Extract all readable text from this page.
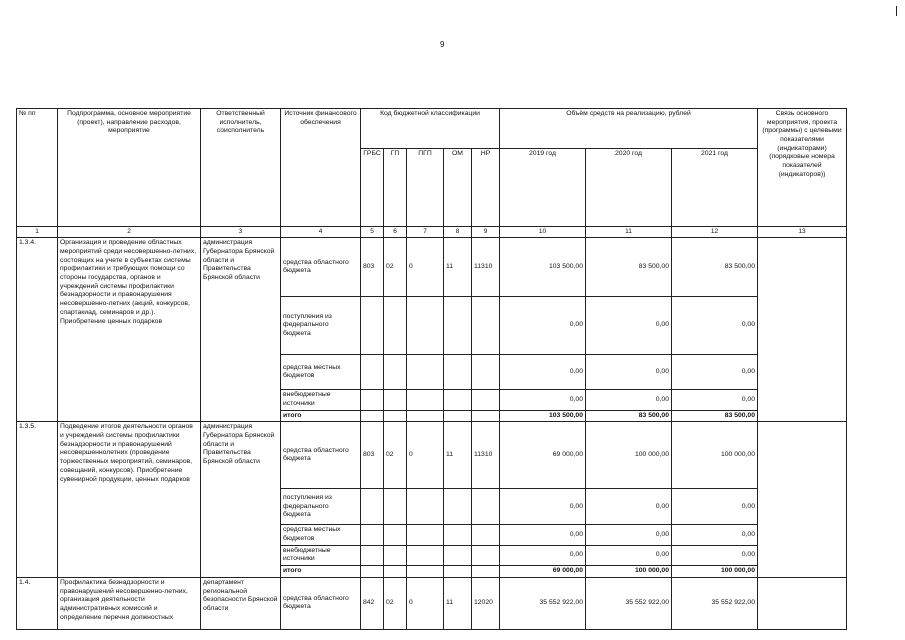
9
№ пп	Подпрограмма, основное мероприятие (проект), направление расходов, мероприятие	Ответственный исполнитель, соисполнитель	Источник финансового обеспечения	Код бюджетной классификации					Объём средств на реализацию, рублей			Связь основного мероприятия, проекта (программы) с целевыми показателями (индикаторами) (порядковые номера показателей (индикаторов))
				ГРБС	ГП	ПГП	ОМ	НР	2019 год	2020 год	2021 год	
1	2	3	4	5	6	7	8	9	10	11	12	13
1.3.4.	Организация и проведение областных мероприятий среди несовершенно-летних, состоящих на учете в субъектах системы профилактики и требующих помощи со стороны государства, органов и учреждений системы профилактики безнадзорности и правонарушения несовершенно-летних (акций, конкурсов, спартакиад, семинаров и др.). Приобретение ценных подарков	администрация Губернатора Брянской области и Правительства Брянской области	средства областного бюджета	803	02	0	11	11310	103 500,00	83 500,00	83 500,00	
			поступления из федерального бюджета						0,00	0,00	0,00	
			средства местных бюджетов						0,00	0,00	0,00	
			внебюджетные источники						0,00	0,00	0,00	
			итого						103 500,00	83 500,00	83 500,00	
1.3.5.	Подведение итогов деятельности органов и учреждений системы профилактики безнадзорности и правонарушений несовершеннолетних (проведение торжественных мероприятий, семинаров, совещаний, конкурсов). Приобретение сувенирной продукции, ценных подарков	администрация Губернатора Брянской области и Правительства Брянской области	средства областного бюджета	803	02	0	11	11310	69 000,00	100 000,00	100 000,00	
			поступления из федерального бюджета						0,00	0,00	0,00	
			средства местных бюджетов						0,00	0,00	0,00	
			внебюджетные источники						0,00	0,00	0,00	
			итого						69 000,00	100 000,00	100 000,00	
1.4.	Профилактика безнадзорности и правонарушений несовершенно-летних, организация деятельности административных комиссий и определение перечня должностных	департамент региональной безопасности Брянской области	средства областного бюджета	842	02	0	11	12020	35 552 922,00	35 552 922,00	35 552 922,00	
